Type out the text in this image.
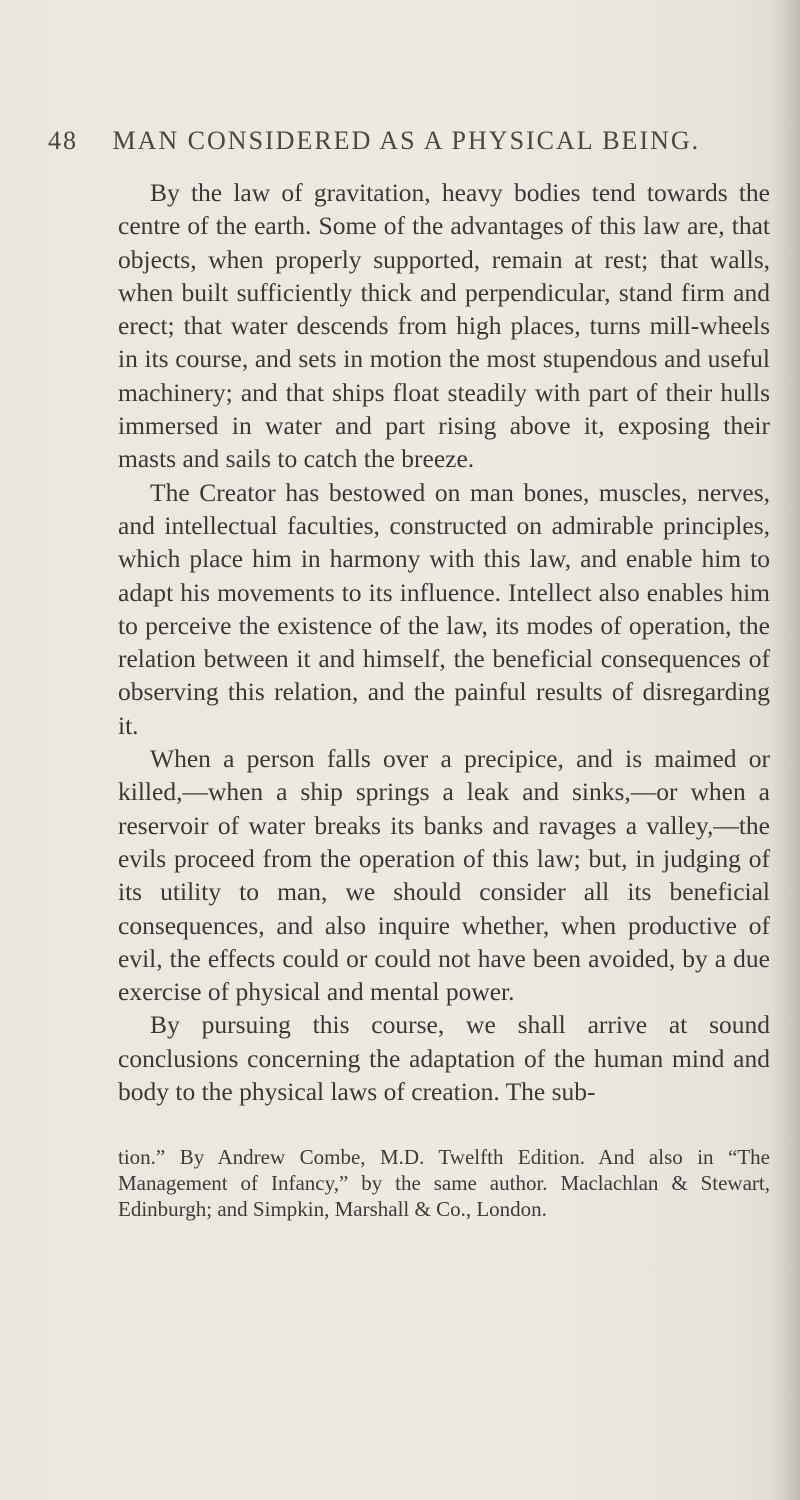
48 MAN CONSIDERED AS A PHYSICAL BEING.

By the law of gravitation, heavy bodies tend towards the centre of the earth. Some of the advantages of this law are, that objects, when properly supported, remain at rest; that walls, when built sufficiently thick and perpendicular, stand firm and erect; that water descends from high places, turns mill-wheels in its course, and sets in motion the most stupendous and useful machinery; and that ships float steadily with part of their hulls immersed in water and part rising above it, exposing their masts and sails to catch the breeze.

The Creator has bestowed on man bones, muscles, nerves, and intellectual faculties, constructed on admirable principles, which place him in harmony with this law, and enable him to adapt his movements to its influence. Intellect also enables him to perceive the existence of the law, its modes of operation, the relation between it and himself, the beneficial consequences of observing this relation, and the painful results of disregarding it.

When a person falls over a precipice, and is maimed or killed,—when a ship springs a leak and sinks,—or when a reservoir of water breaks its banks and ravages a valley,—the evils proceed from the operation of this law; but, in judging of its utility to man, we should consider all its beneficial consequences, and also inquire whether, when productive of evil, the effects could or could not have been avoided, by a due exercise of physical and mental power.

By pursuing this course, we shall arrive at sound conclusions concerning the adaptation of the human mind and body to the physical laws of creation. The sub-

tion.” By Andrew Combe, M.D. Twelfth Edition. And also in “The Management of Infancy,” by the same author. Maclachlan & Stewart, Edinburgh; and Simpkin, Marshall & Co., London.
